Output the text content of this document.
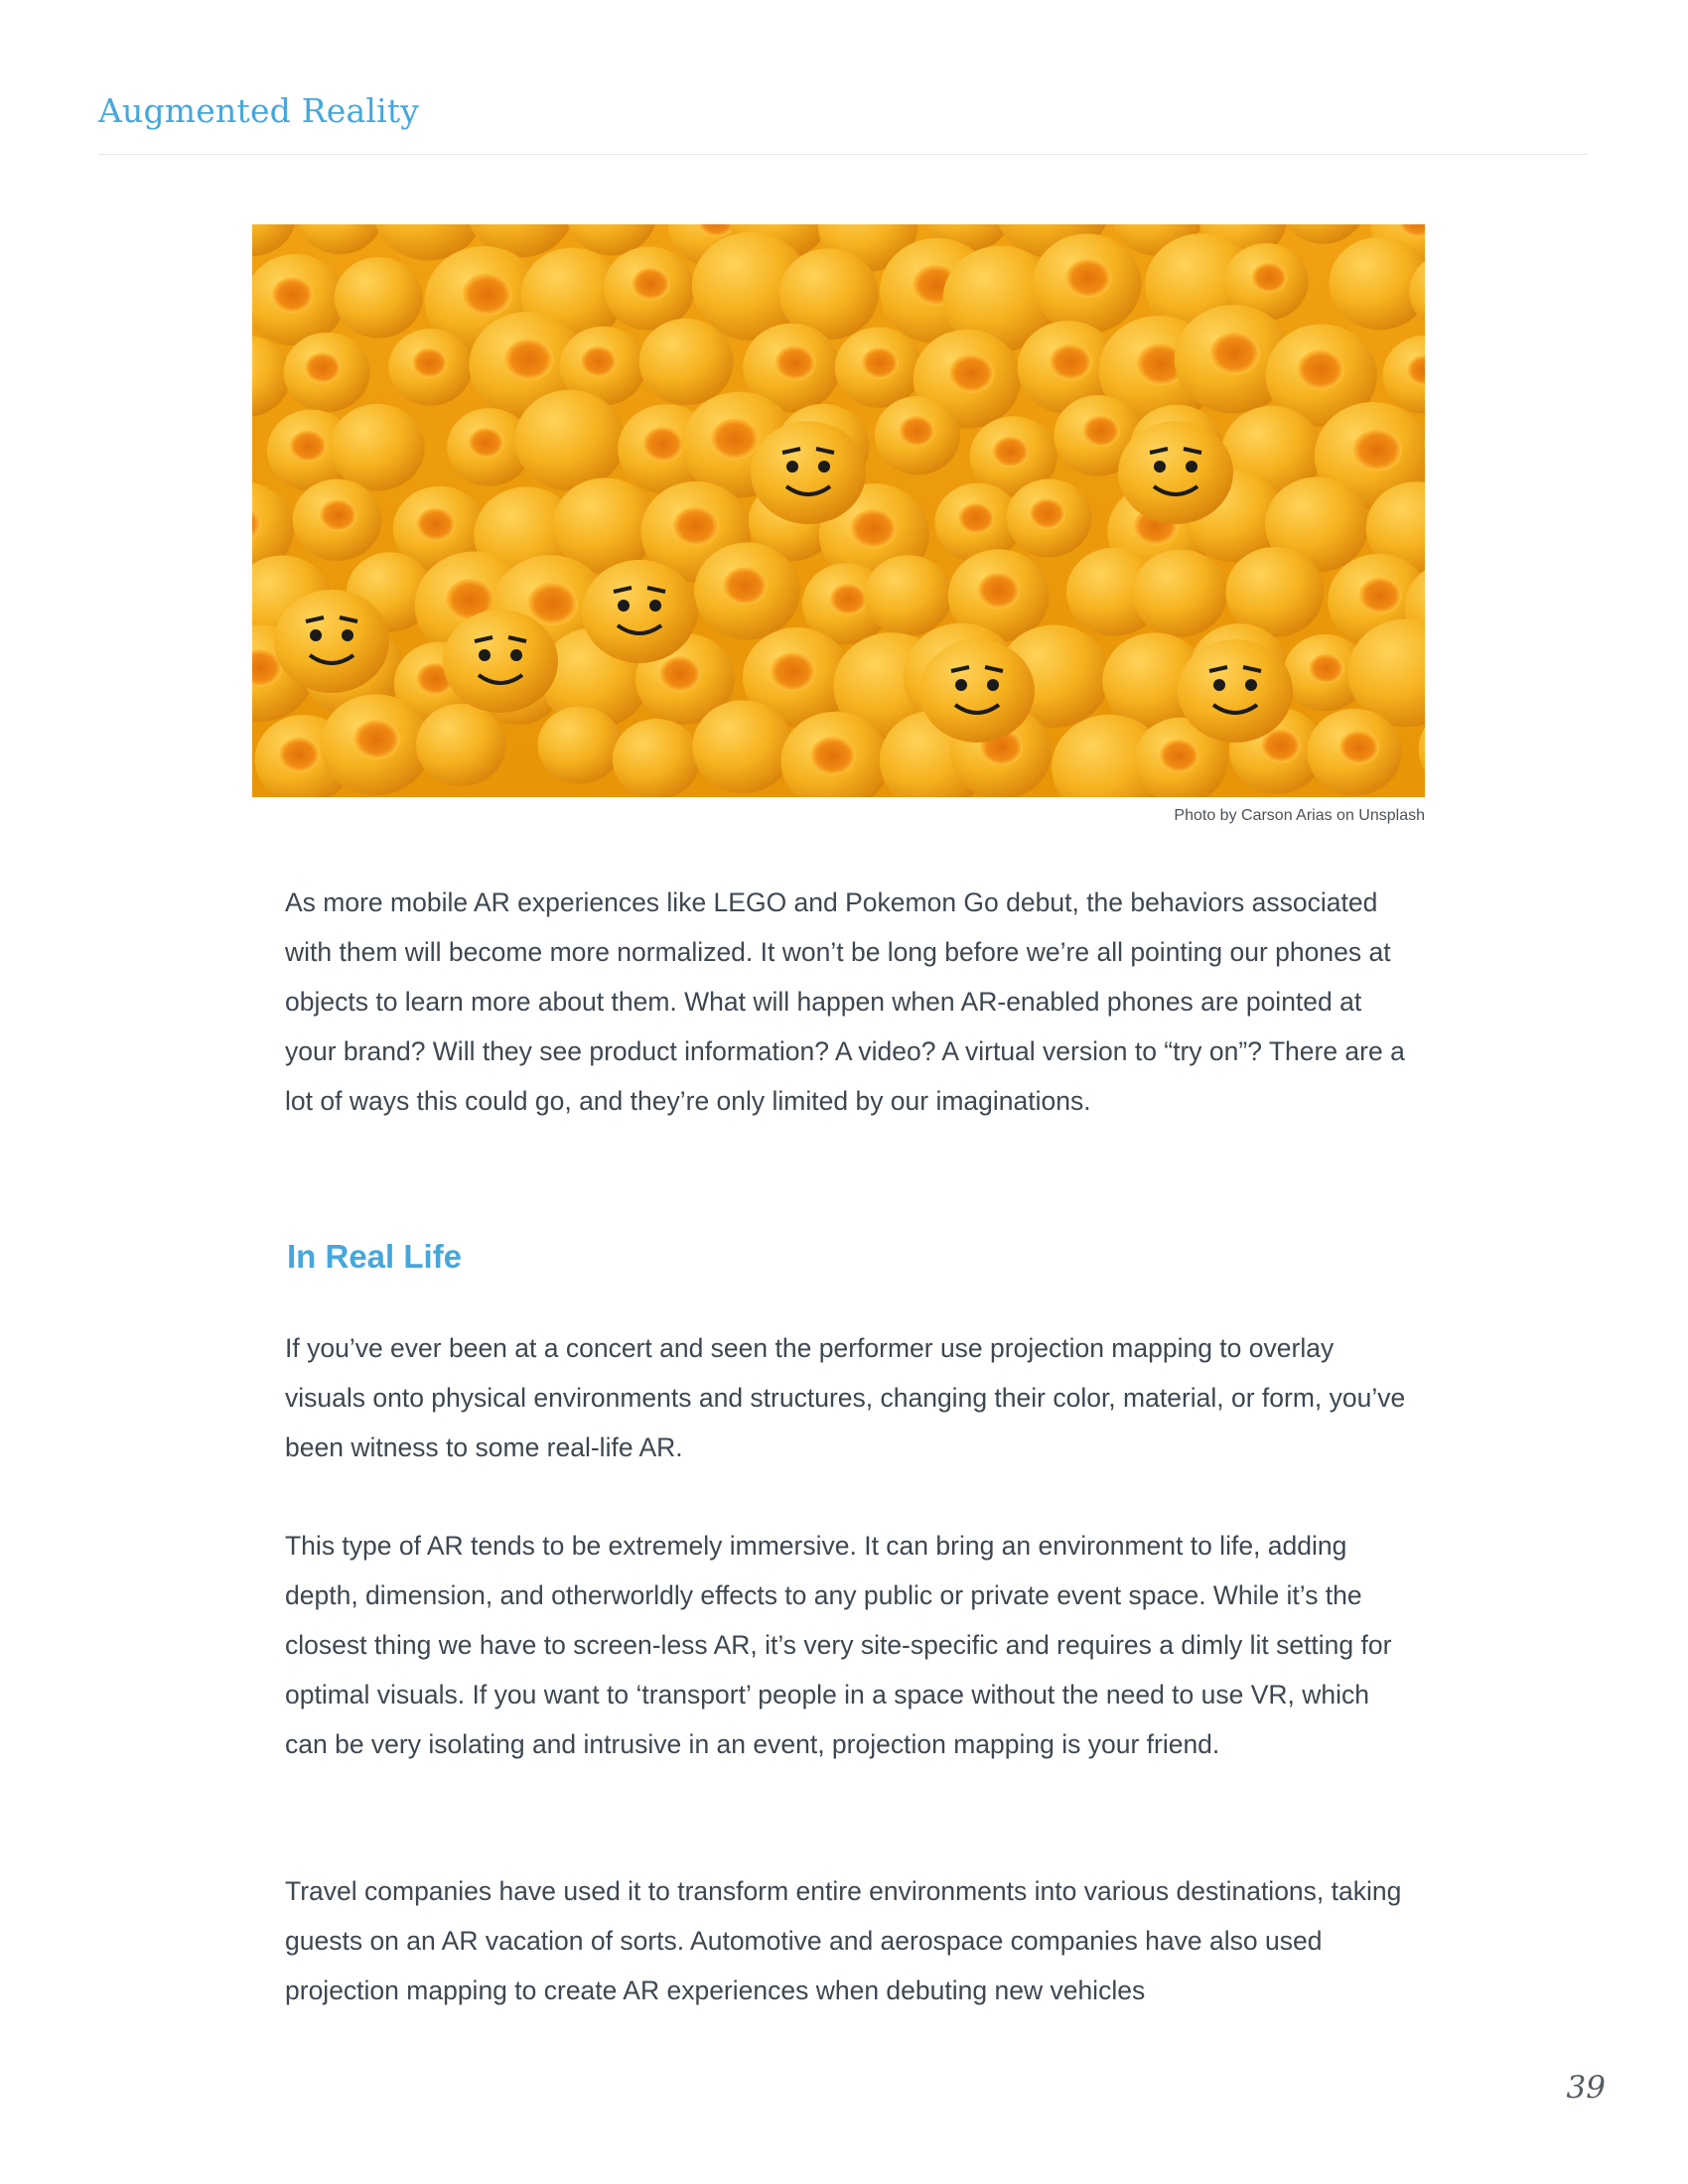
Augmented Reality
Photo by Carson Arias on Unsplash

As more mobile AR experiences like LEGO and Pokemon Go debut, the behaviors associated with them will become more normalized. It won’t be long before we’re all pointing our phones at objects to learn more about them. What will happen when AR-enabled phones are pointed at your brand? Will they see product information? A video? A virtual version to “try on”? There are a lot of ways this could go, and they’re only limited by our imaginations.

In Real Life

If you’ve ever been at a concert and seen the performer use projection mapping to overlay visuals onto physical environments and structures, changing their color, material, or form, you’ve been witness to some real-life AR.

This type of AR tends to be extremely immersive. It can bring an environment to life, adding depth, dimension, and otherworldly effects to any public or private event space. While it’s the closest thing we have to screen-less AR, it’s very site-specific and requires a dimly lit setting for optimal visuals. If you want to ‘transport’ people in a space without the need to use VR, which can be very isolating and intrusive in an event, projection mapping is your friend.

Travel companies have used it to transform entire environments into various destinations, taking guests on an AR vacation of sorts. Automotive and aerospace companies have also used projection mapping to create AR experiences when debuting new vehicles

39
